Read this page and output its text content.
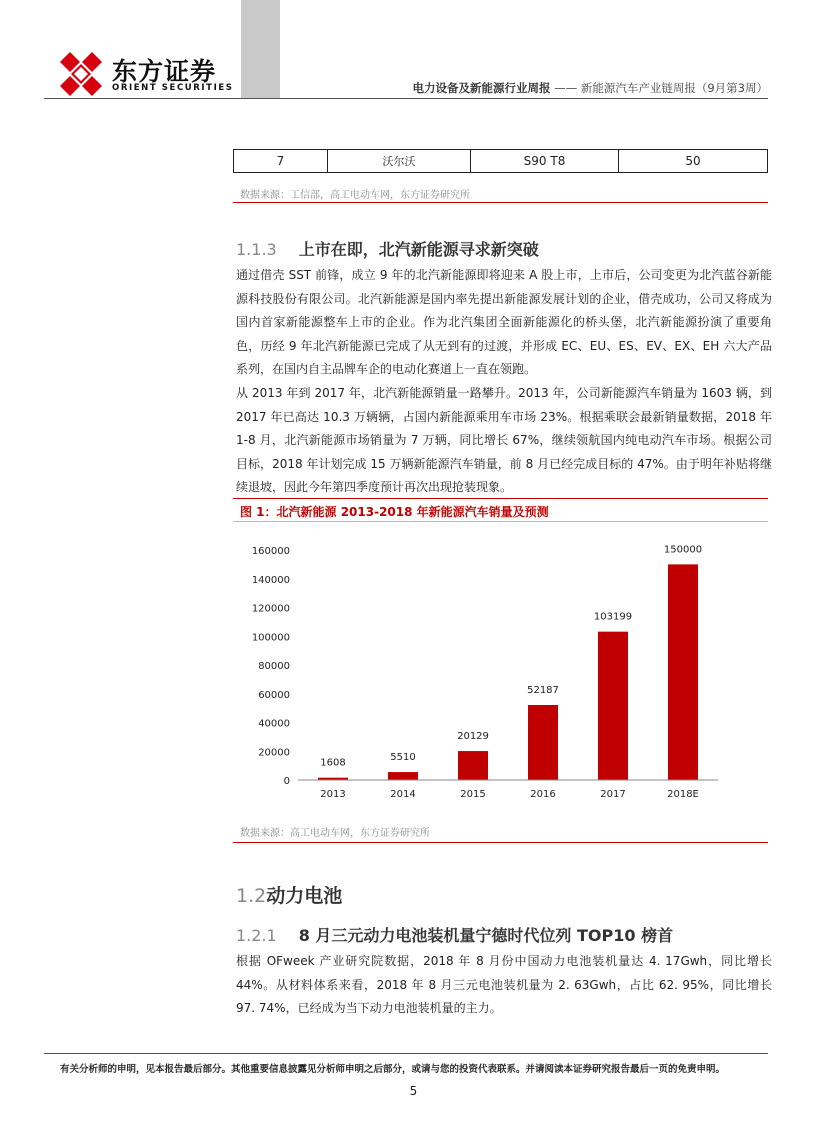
东方证券
ORIENT SECURITIES	电力设备及新能源行业周报 —— 新能源汽车产业链周报（9月第3周）
7	沃尔沃	S90 T8	50
数据来源：工信部，高工电动车网，东方证券研究所
1.1.3 上市在即，北汽新能源寻求新突破
通过借壳 SST 前锋，成立 9 年的北汽新能源即将迎来 A 股上市，上市后，公司变更为北汽蓝谷新能源科技股份有限公司。北汽新能源是国内率先提出新能源发展计划的企业，借壳成功，公司又将成为国内首家新能源整车上市的企业。作为北汽集团全面新能源化的桥头堡，北汽新能源扮演了重要角色，历经 9 年北汽新能源已完成了从无到有的过渡，并形成 EC、EU、ES、EV、EX、EH 六大产品系列，在国内自主品牌车企的电动化赛道上一直在领跑。
从 2013 年到 2017 年，北汽新能源销量一路攀升。2013 年，公司新能源汽车销量为 1603 辆，到 2017 年已高达 10.3 万辆辆，占国内新能源乘用车市场 23%。根据乘联会最新销量数据，2018 年 1-8 月，北汽新能源市场销量为 7 万辆，同比增长 67%，继续领航国内纯电动汽车市场。根据公司目标，2018 年计划完成 15 万辆新能源汽车销量，前 8 月已经完成目标的 47%。由于明年补贴将继续退坡，因此今年第四季度预计再次出现抢装现象。
图 1：北汽新能源 2013-2018 年新能源汽车销量及预测
0
20000
40000
60000
80000
100000
120000
140000
160000
1608
5510
20129
52187
103199
150000
2013	2014	2015	2016	2017	2018E
数据来源：高工电动车网，东方证券研究所
1.2动力电池
1.2.1 8 月三元动力电池装机量宁德时代位列 TOP10 榜首
根据 OFweek 产业研究院数据，2018 年 8 月份中国动力电池装机量达 4. 17Gwh，同比增长 44%。从材料体系来看，2018 年 8 月三元电池装机量为 2. 63Gwh，占比 62. 95%，同比增长 97. 74%，已经成为当下动力电池装机量的主力。
有关分析师的申明，见本报告最后部分。其他重要信息披露见分析师申明之后部分，或请与您的投资代表联系。并请阅读本证券研究报告最后一页的免责申明。
5
